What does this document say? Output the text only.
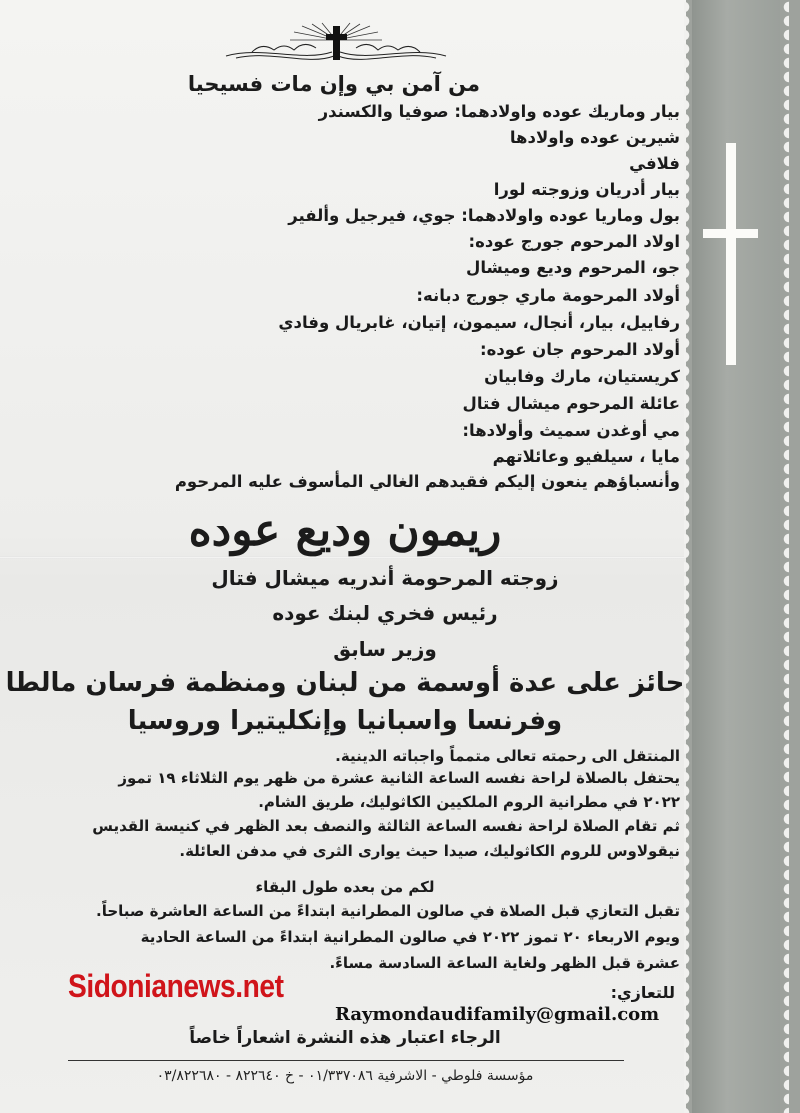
من آمن بي وإن مات فسيحيا
بيار وماريك عوده واولادهما: صوفيا والكسندر
شيرين عوده واولادها
فلافي
بيار أدريان وزوجته لورا
بول وماريا عوده واولادهما: جوي، فيرجيل وألفير
اولاد المرحوم جورج عوده:
جو، المرحوم وديع وميشال
أولاد المرحومة ماري جورج دبانه:
رفاييل، بيار، أنجال، سيمون، إتيان، غابريال وفادي
أولاد المرحوم جان عوده:
كريستيان، مارك وفابيان
عائلة المرحوم ميشال فتال
مي أوغدن سميث وأولادها:
مايا ، سيلفيو وعائلاتهم
وأنسباؤهم ينعون إليكم فقيدهم الغالي المأسوف عليه المرحوم
ريمون وديع عوده
زوجته المرحومة أندريه ميشال فتال
رئيس فخري لبنك عوده
وزير سابق
حائز على عدة أوسمة من لبنان ومنظمة فرسان مالطا
وفرنسا واسبانيا وإنكليتيرا وروسيا
المنتقل الى رحمته تعالى متمماً واجباته الدينية.
يحتفل بالصلاة لراحة نفسه الساعة الثانية عشرة من ظهر يوم الثلاثاء ١٩ تموز
٢٠٢٢ في مطرانية الروم الملكيين الكاثوليك، طريق الشام.
ثم تقام الصلاة لراحة نفسه الساعة الثالثة والنصف بعد الظهر في كنيسة القديس
نيقولاوس للروم الكاثوليك، صيدا حيث يوارى الثرى في مدفن العائلة.
لكم من بعده طول البقاء
تقبل التعازي قبل الصلاة في صالون المطرانية ابتداءً من الساعة العاشرة صباحاً.
ويوم الاربعاء ٢٠ تموز ٢٠٢٢ في صالون المطرانية ابتداءً من الساعة الحادية
عشرة قبل الظهر ولغاية الساعة السادسة مساءً.
Sidonianews.net	للتعازي:
Raymondaudifamily@gmail.com
الرجاء اعتبار هذه النشرة اشعاراً خاصاً
مؤسسة فلوطي - الاشرفية ٠١/٣٣٧٠٨٦ - خ ٨٢٢٦٤٠ - ٠٣/٨٢٢٦٨٠
